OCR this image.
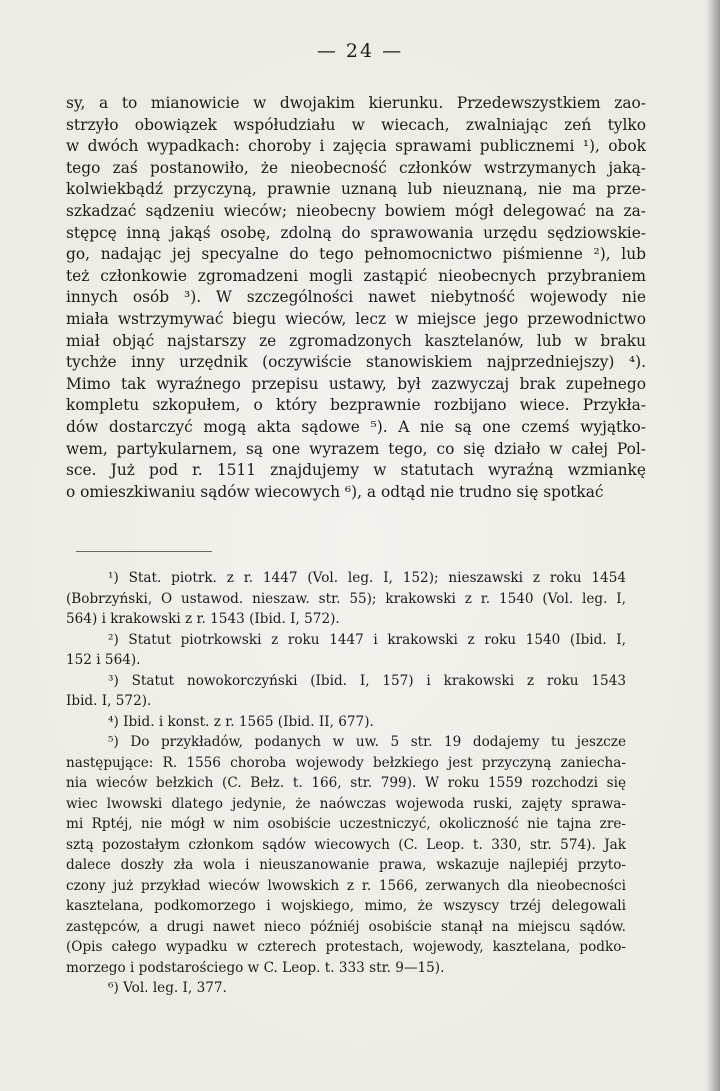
— 24 —
sy, a to mianowicie w dwojakim kierunku. Przedewszystkiem zao-
strzyło obowiązek współudziału w wiecach, zwalniając zeń tylko
w dwóch wypadkach: choroby i zajęcia sprawami publicznemi ¹), obok
tego zaś postanowiło, że nieobecność członków wstrzymanych jaką-
kolwiekbądź przyczyną, prawnie uznaną lub nieuznaną, nie ma prze-
szkadzać sądzeniu wieców; nieobecny bowiem mógł delegować na za-
stępcę inną jakąś osobę, zdolną do sprawowania urzędu sędziowskie-
go, nadając jej specyalne do tego pełnomocnictwo piśmienne ²), lub
też członkowie zgromadzeni mogli zastąpić nieobecnych przybraniem
innych osób ³). W szczególności nawet niebytność wojewody nie
miała wstrzymywać biegu wieców, lecz w miejsce jego przewodnictwo
miał objąć najstarszy ze zgromadzonych kasztelanów, lub w braku
tychże inny urzędnik (oczywiście stanowiskiem najprzedniejszy) ⁴).
Mimo tak wyraźnego przepisu ustawy, był zazwyczaj brak zupełnego
kompletu szkopułem, o który bezprawnie rozbijano wiece. Przykła-
dów dostarczyć mogą akta sądowe ⁵). A nie są one czemś wyjątko-
wem, partykularnem, są one wyrazem tego, co się działo w całej Pol-
sce. Już pod r. 1511 znajdujemy w statutach wyraźną wzmiankę
o omieszkiwaniu sądów wiecowych ⁶), a odtąd nie trudno się spotkać
¹) Stat. piotrk. z r. 1447 (Vol. leg. I, 152); nieszawski z roku 1454
(Bobrzyński, O ustawod. nieszaw. str. 55); krakowski z r. 1540 (Vol. leg. I,
564) i krakowski z r. 1543 (Ibid. I, 572).
²) Statut piotrkowski z roku 1447 i krakowski z roku 1540 (Ibid. I,
152 i 564).
³) Statut nowokorczyński (Ibid. I, 157) i krakowski z roku 1543
Ibid. I, 572).
⁴) Ibid. i konst. z r. 1565 (Ibid. II, 677).
⁵) Do przykładów, podanych w uw. 5 str. 19 dodajemy tu jeszcze
następujące: R. 1556 choroba wojewody bełzkiego jest przyczyną zaniecha-
nia wieców bełzkich (C. Bełz. t. 166, str. 799). W roku 1559 rozchodzi się
wiec lwowski dlatego jedynie, że naówczas wojewoda ruski, zajęty sprawa-
mi Rptéj, nie mógł w nim osobiście uczestniczyć, okoliczność nie tajna zre-
sztą pozostałym członkom sądów wiecowych (C. Leop. t. 330, str. 574). Jak
dalece doszły zła wola i nieuszanowanie prawa, wskazuje najlepiéj przyto-
czony już przykład wieców lwowskich z r. 1566, zerwanych dla nieobecności
kasztelana, podkomorzego i wojskiego, mimo, że wszyscy trzéj delegowali
zastępców, a drugi nawet nieco późniéj osobiście stanął na miejscu sądów.
(Opis całego wypadku w czterech protestach, wojewody, kasztelana, podko-
morzego i podstarościego w C. Leop. t. 333 str. 9—15).
⁶) Vol. leg. I, 377.
